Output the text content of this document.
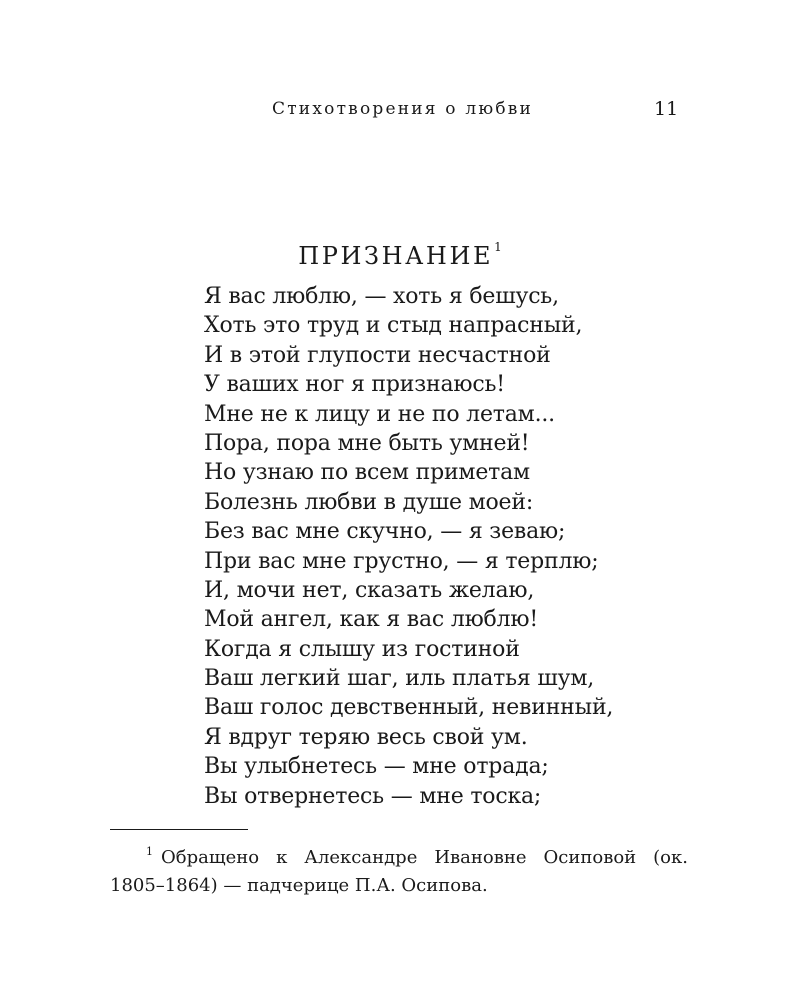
Стихотворения о любви	11
ПРИЗНАНИЕ$^1$
Я вас люблю, — хоть я бешусь,
Хоть это труд и стыд напрасный,
И в этой глупости несчастной
У ваших ног я признаюсь!
Мне не к лицу и не по летам...
Пора, пора мне быть умней!
Но узнаю по всем приметам
Болезнь любви в душе моей:
Без вас мне скучно, — я зеваю;
При вас мне грустно, — я терплю;
И, мочи нет, сказать желаю,
Мой ангел, как я вас люблю!
Когда я слышу из гостиной
Ваш легкий шаг, иль платья шум,
Ваш голос девственный, невинный,
Я вдруг теряю весь свой ум.
Вы улыбнетесь — мне отрада;
Вы отвернетесь — мне тоска;
$^1$ Обращено к Александре Ивановне Осиповой (ок.
1805–1864) — падчерице П.А. Осипова.
